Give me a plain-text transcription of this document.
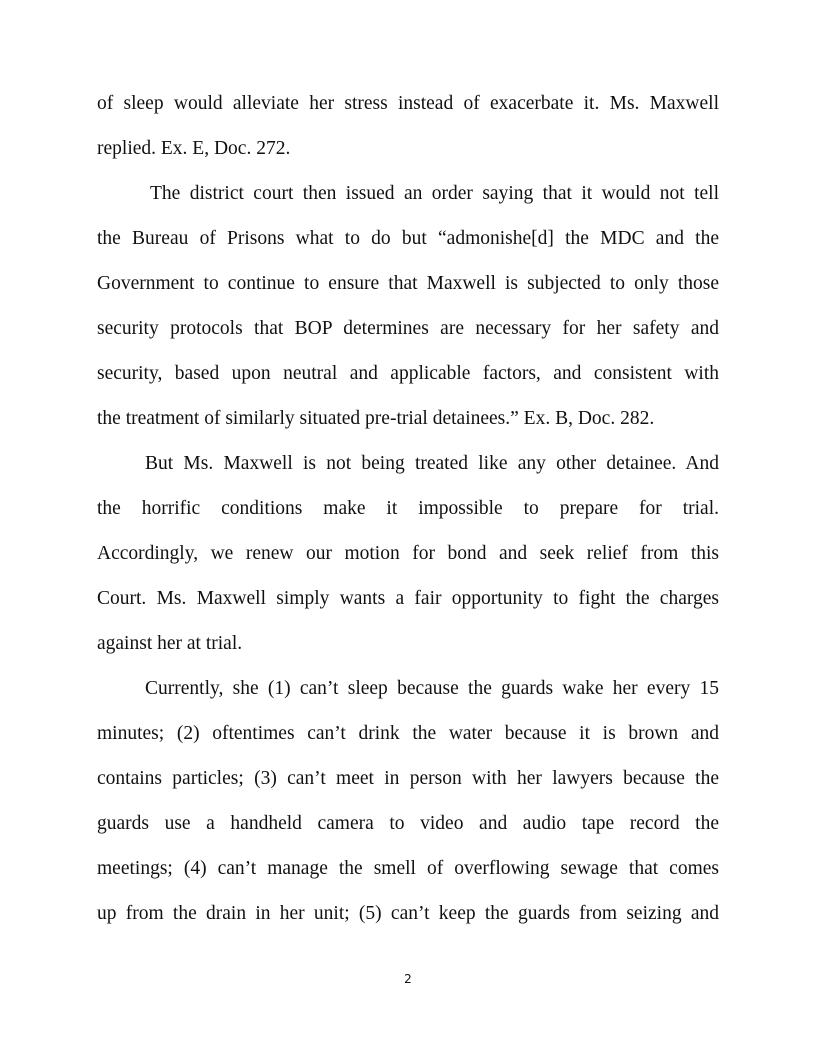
of sleep would alleviate her stress instead of exacerbate it. Ms. Maxwell
replied. Ex. E, Doc. 272.
The district court then issued an order saying that it would not tell
the Bureau of Prisons what to do but “admonishe[d] the MDC and the
Government to continue to ensure that Maxwell is subjected to only those
security protocols that BOP determines are necessary for her safety and
security, based upon neutral and applicable factors, and consistent with
the treatment of similarly situated pre-trial detainees.” Ex. B, Doc. 282.
But Ms. Maxwell is not being treated like any other detainee. And
the horrific conditions make it impossible to prepare for trial.
Accordingly, we renew our motion for bond and seek relief from this
Court. Ms. Maxwell simply wants a fair opportunity to fight the charges
against her at trial.
Currently, she (1) can’t sleep because the guards wake her every 15
minutes; (2) oftentimes can’t drink the water because it is brown and
contains particles; (3) can’t meet in person with her lawyers because the
guards use a handheld camera to video and audio tape record the
meetings; (4) can’t manage the smell of overflowing sewage that comes
up from the drain in her unit; (5) can’t keep the guards from seizing and
2
